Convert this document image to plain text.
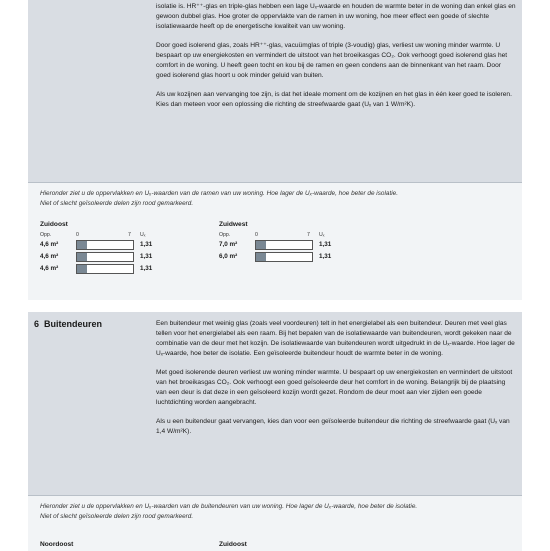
isolatie is. HR⁺⁺-glas en triple-glas hebben een lage Uₓ-waarde en houden de warmte beter in de woning dan enkel glas en gewoon dubbel glas. Hoe groter de oppervlakte van de ramen in uw woning, hoe meer effect een goede of slechte isolatiewaarde heeft op de energetische kwaliteit van uw woning.

Door goed isolerend glas, zoals HR⁺⁺-glas, vacuümglas of triple (3-voudig) glas, verliest uw woning minder warmte. U bespaart op uw energiekosten en vermindert de uitstoot van het broeikasgas CO₂. Ook verhoogt goed isolerend glas het comfort in de woning. U heeft geen tocht en kou bij de ramen en geen condens aan de binnenkant van het raam. Door goed isolerend glas hoort u ook minder geluid van buiten.

Als uw kozijnen aan vervanging toe zijn, is dat het ideale moment om de kozijnen en het glas in één keer goed te isoleren. Kies dan meteen voor een oplossing die richting de streefwaarde gaat (Uₓ van 1 W/m²K).

Hieronder ziet u de oppervlakken en Uₓ-waarden van de ramen van uw woning. Hoe lager de Uₓ-waarde, hoe beter de isolatie.
Niet of slecht geïsoleerde delen zijn rood gemarkeerd.
Zuidoost
Opp.	0	7 Uₓ
4,6 m²	1,31
4,6 m²	1,31
4,6 m²	1,31
Zuidwest
Opp.	0	7 Uₓ
7,0 m²	1,31
6,0 m²	1,31
6 Buitendeuren	Een buitendeur met weinig glas (zoals veel voordeuren) telt in het energielabel als een buitendeur. Deuren met veel glas tellen voor het energielabel als een raam. Bij het bepalen van de isolatiewaarde van buitendeuren, wordt gekeken naar de combinatie van de deur met het kozijn. De isolatiewaarde van buitendeuren wordt uitgedrukt in de Uₓ-waarde. Hoe lager de Uₓ-waarde, hoe beter de isolatie. Een geïsoleerde buitendeur houdt de warmte beter in de woning.

Met goed isolerende deuren verliest uw woning minder warmte. U bespaart op uw energiekosten en vermindert de uitstoot van het broeikasgas CO₂. Ook verhoogt een goed geïsoleerde deur het comfort in de woning. Belangrijk bij de plaatsing van een deur is dat deze in een geïsoleerd kozijn wordt gezet. Rondom de deur moet aan vier zijden een goede luchtdichting worden aangebracht.

Als u een buitendeur gaat vervangen, kies dan voor een geïsoleerde buitendeur die richting de streefwaarde gaat (Uₓ van 1,4 W/m²K).

Hieronder ziet u de oppervlakken en Uₓ-waarden van de buitendeuren van uw woning. Hoe lager de Uₓ-waarde, hoe beter de isolatie.
Niet of slecht geïsoleerde delen zijn rood gemarkeerd.
Noordoost	Zuidoost
